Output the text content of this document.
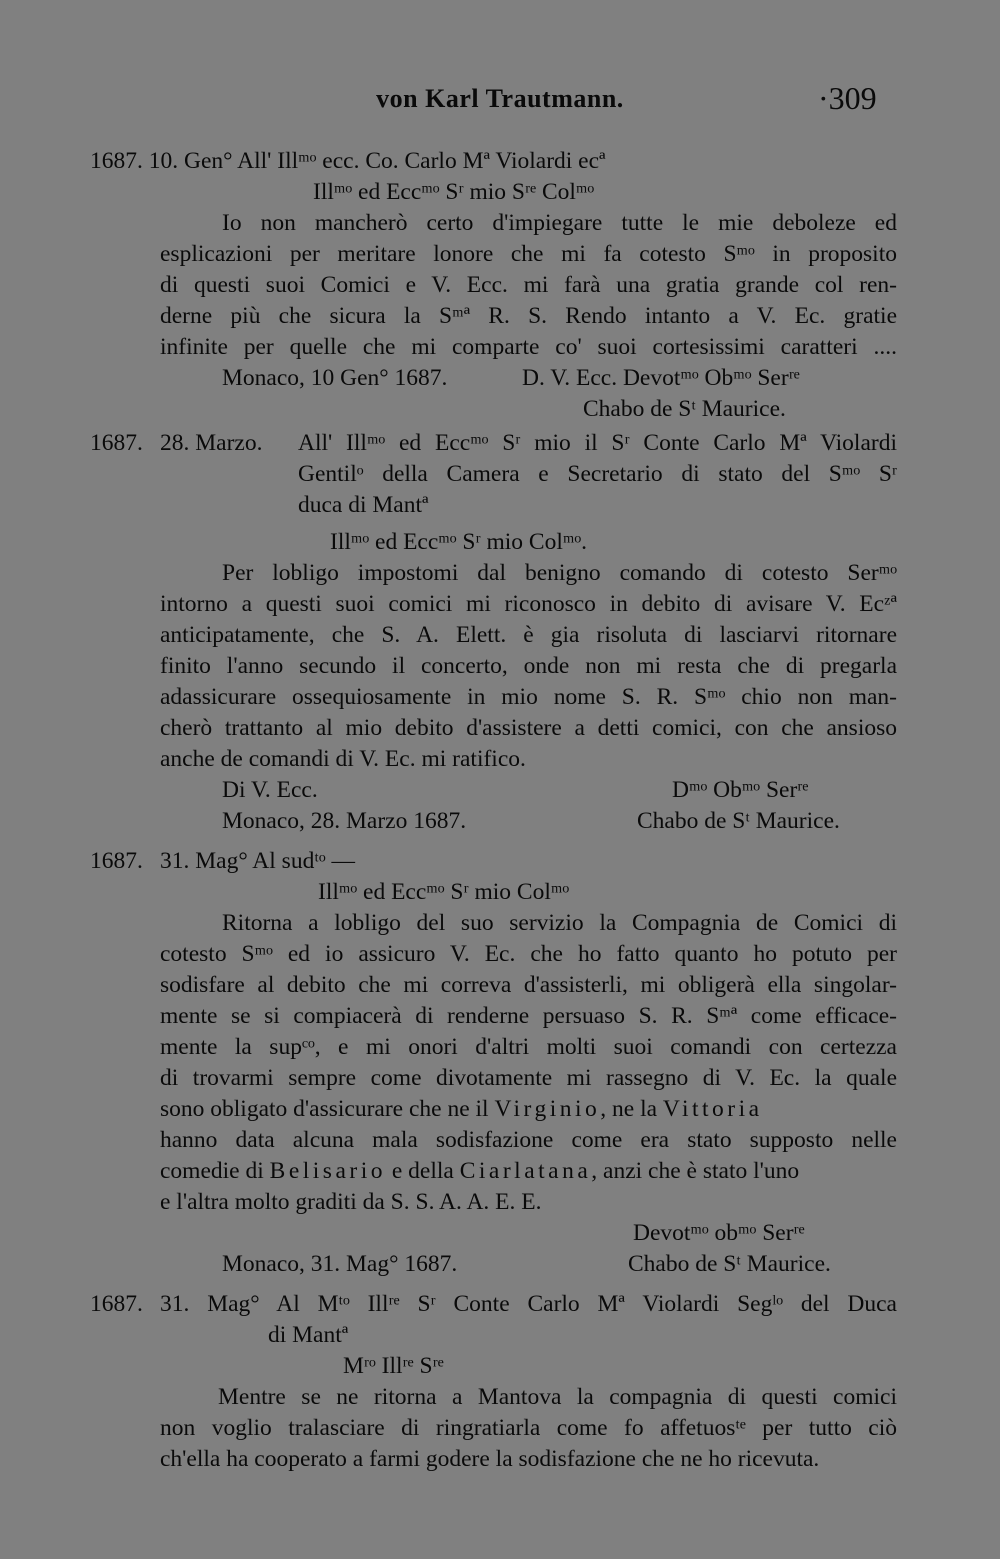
von Karl Trautmann.	·309
1687. 10. Gen° All' Illᵐᵒ ecc. Co. Carlo Mª Violardi ecª
Illᵐᵒ ed Eccᵐᵒ Sʳ mio Sʳᵉ Colᵐᵒ
Io non mancherò certo d'impiegare tutte le mie deboleze ed
esplicazioni per meritare lonore che mi fa cotesto Sᵐᵒ in proposito
di questi suoi Comici e V. Ecc. mi farà una gratia grande col ren-
derne più che sicura la Sᵐª R. S. Rendo intanto a V. Ec. gratie
infinite per quelle che mi comparte co' suoi cortesissimi caratteri ....
Monaco, 10 Gen° 1687.	D. V. Ecc. Devotᵐᵒ Obᵐᵒ Serʳᵉ
Chabo de Sᵗ Maurice.
1687. 28. Marzo. All' Illᵐᵒ ed Eccᵐᵒ Sʳ mio il Sʳ Conte Carlo Mª Violardi
Gentilᵒ della Camera e Secretario di stato del Sᵐᵒ Sʳ
duca di Mantª
Illᵐᵒ ed Eccᵐᵒ Sʳ mio Colᵐᵒ.
Per lobligo impostomi dal benigno comando di cotesto Serᵐᵒ
intorno a questi suoi comici mi riconosco in debito di avisare V. Ecᶻª
anticipatamente, che S. A. Elett. è gia risoluta di lasciarvi ritornare
finito l'anno secundo il concerto, onde non mi resta che di pregarla
adassicurare ossequiosamente in mio nome S. R. Sᵐᵒ chio non man-
cherò trattanto al mio debito d'assistere a detti comici, con che ansioso
anche de comandi di V. Ec. mi ratifico.
Di V. Ecc.	Dᵐᵒ Obᵐᵒ Serʳᵉ
Monaco, 28. Marzo 1687.	Chabo de Sᵗ Maurice.
1687. 31. Mag° Al sudᵗᵒ —
Illᵐᵒ ed Eccᵐᵒ Sʳ mio Colᵐᵒ
Ritorna a lobligo del suo servizio la Compagnia de Comici di
cotesto Sᵐᵒ ed io assicuro V. Ec. che ho fatto quanto ho potuto per
sodisfare al debito che mi correva d'assisterli, mi obligerà ella singolar-
mente se si compiacerà di renderne persuaso S. R. Sᵐª come efficace-
mente la supᶜᵒ, e mi onori d'altri molti suoi comandi con certezza
di trovarmi sempre come divotamente mi rassegno di V. Ec. la quale
sono obligato d'assicurare che ne il Virginio, ne la Vittoria
hanno data alcuna mala sodisfazione come era stato supposto nelle
comedie di Belisario e della Ciarlatana, anzi che è stato l'uno
e l'altra molto graditi da S. S. A. A. E. E.
Devotᵐᵒ obᵐᵒ Serʳᵉ
Monaco, 31. Mag° 1687.	Chabo de Sᵗ Maurice.
1687. 31. Mag° Al Mᵗᵒ Illʳᵉ Sʳ Conte Carlo Mª Violardi Segˡᵒ del Duca
di Mantª
Mʳᵒ Illʳᵉ Sʳᵉ
Mentre se ne ritorna a Mantova la compagnia di questi comici
non voglio tralasciare di ringratiarla come fo affetuosᵗᵉ per tutto ciò
ch'ella ha cooperato a farmi godere la sodisfazione che ne ho ricevuta.
